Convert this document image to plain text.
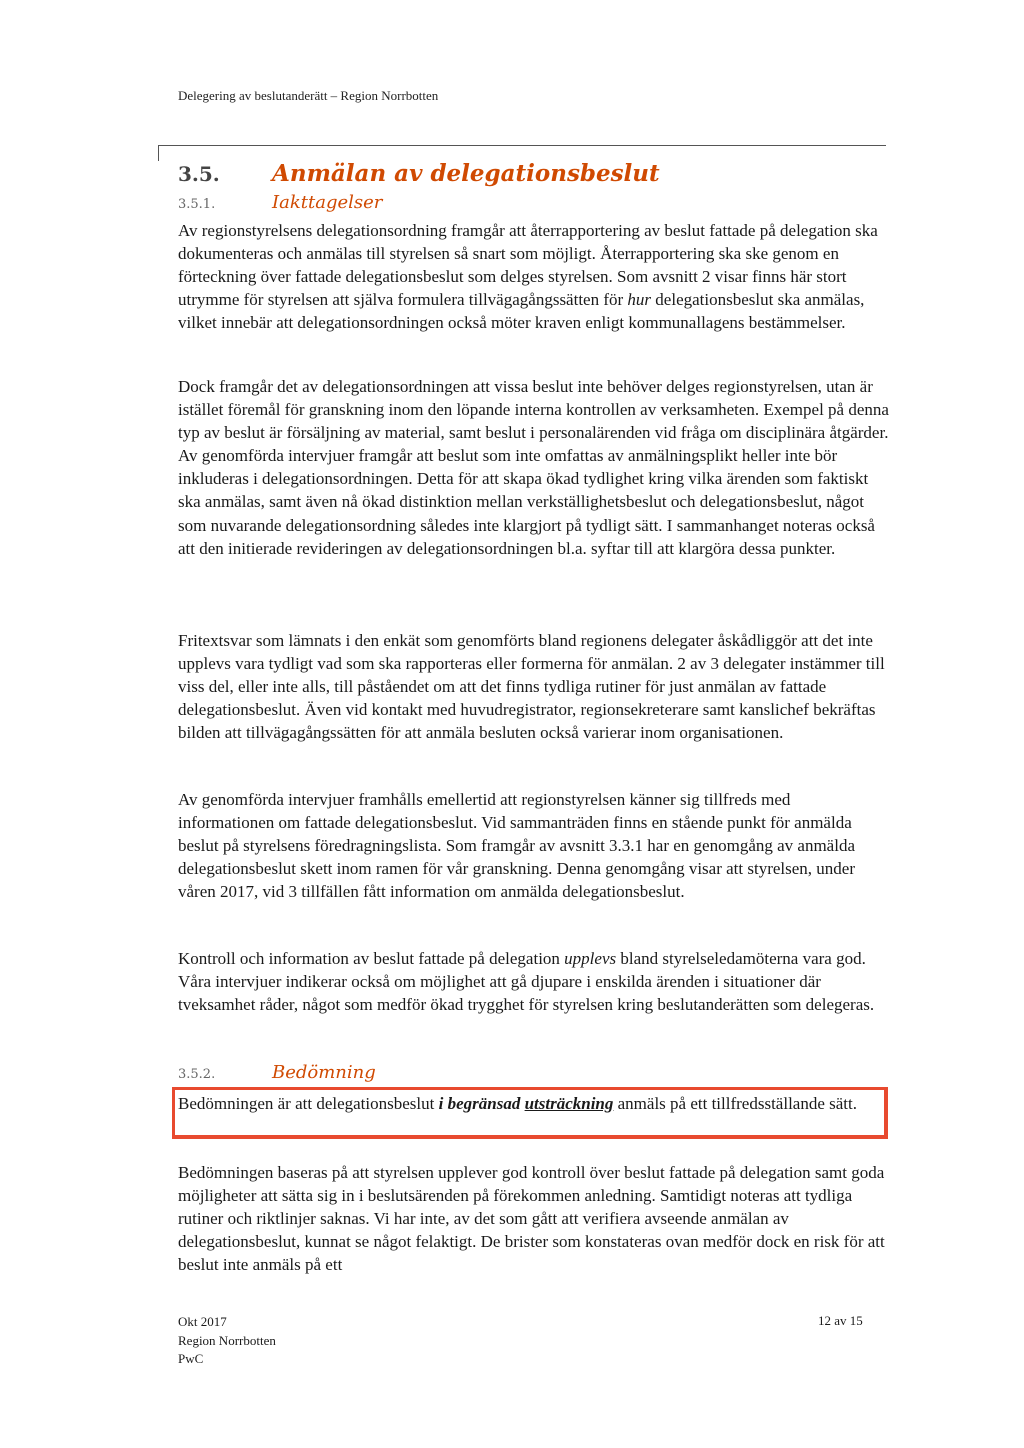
Delegering av beslutanderätt – Region Norrbotten
3.5. Anmälan av delegationsbeslut
3.5.1.	Iakttagelser

Av regionstyrelsens delegationsordning framgår att återrapportering av beslut fattade på delegation ska dokumenteras och anmälas till styrelsen så snart som möjligt. Återrapportering ska ske genom en förteckning över fattade delegationsbeslut som delges styrelsen. Som avsnitt 2 visar finns här stort utrymme för styrelsen att själva formulera tillvägagångssätten för hur delegationsbeslut ska anmälas, vilket innebär att delegationsordningen också möter kraven enligt kommunallagens bestämmelser.

Dock framgår det av delegationsordningen att vissa beslut inte behöver delges regionstyrelsen, utan är istället föremål för granskning inom den löpande interna kontrollen av verksamheten. Exempel på denna typ av beslut är försäljning av material, samt beslut i personalärenden vid fråga om disciplinära åtgärder. Av genomförda intervjuer framgår att beslut som inte omfattas av anmälningsplikt heller inte bör inkluderas i delegationsordningen. Detta för att skapa ökad tydlighet kring vilka ärenden som faktiskt ska anmälas, samt även nå ökad distinktion mellan verkställighetsbeslut och delegationsbeslut, något som nuvarande delegationsordning således inte klargjort på tydligt sätt. I sammanhanget noteras också att den initierade revideringen av delegationsordningen bl.a. syftar till att klargöra dessa punkter.

Fritextsvar som lämnats i den enkät som genomförts bland regionens delegater åskådliggör att det inte upplevs vara tydligt vad som ska rapporteras eller formerna för anmälan. 2 av 3 delegater instämmer till viss del, eller inte alls, till påståendet om att det finns tydliga rutiner för just anmälan av fattade delegationsbeslut. Även vid kontakt med huvudregistrator, regionsekreterare samt kanslichef bekräftas bilden att tillvägagångssätten för att anmäla besluten också varierar inom organisationen.

Av genomförda intervjuer framhålls emellertid att regionstyrelsen känner sig tillfreds med informationen om fattade delegationsbeslut. Vid sammanträden finns en stående punkt för anmälda beslut på styrelsens föredragningslista. Som framgår av avsnitt 3.3.1 har en genomgång av anmälda delegationsbeslut skett inom ramen för vår granskning. Denna genomgång visar att styrelsen, under våren 2017, vid 3 tillfällen fått information om anmälda delegationsbeslut.

Kontroll och information av beslut fattade på delegation upplevs bland styrelseledamöterna vara god. Våra intervjuer indikerar också om möjlighet att gå djupare i enskilda ärenden i situationer där tveksamhet råder, något som medför ökad trygghet för styrelsen kring beslutanderätten som delegeras.

3.5.2.	Bedömning

Bedömningen är att delegationsbeslut i begränsad utsträckning anmäls på ett tillfredsställande sätt.

Bedömningen baseras på att styrelsen upplever god kontroll över beslut fattade på delegation samt goda möjligheter att sätta sig in i beslutsärenden på förekommen anledning. Samtidigt noteras att tydliga rutiner och riktlinjer saknas. Vi har inte, av det som gått att verifiera avseende anmälan av delegationsbeslut, kunnat se något felaktigt. De brister som konstateras ovan medför dock en risk för att beslut inte anmäls på ett

Okt 2017
Region Norrbotten
PwC
12 av 15
